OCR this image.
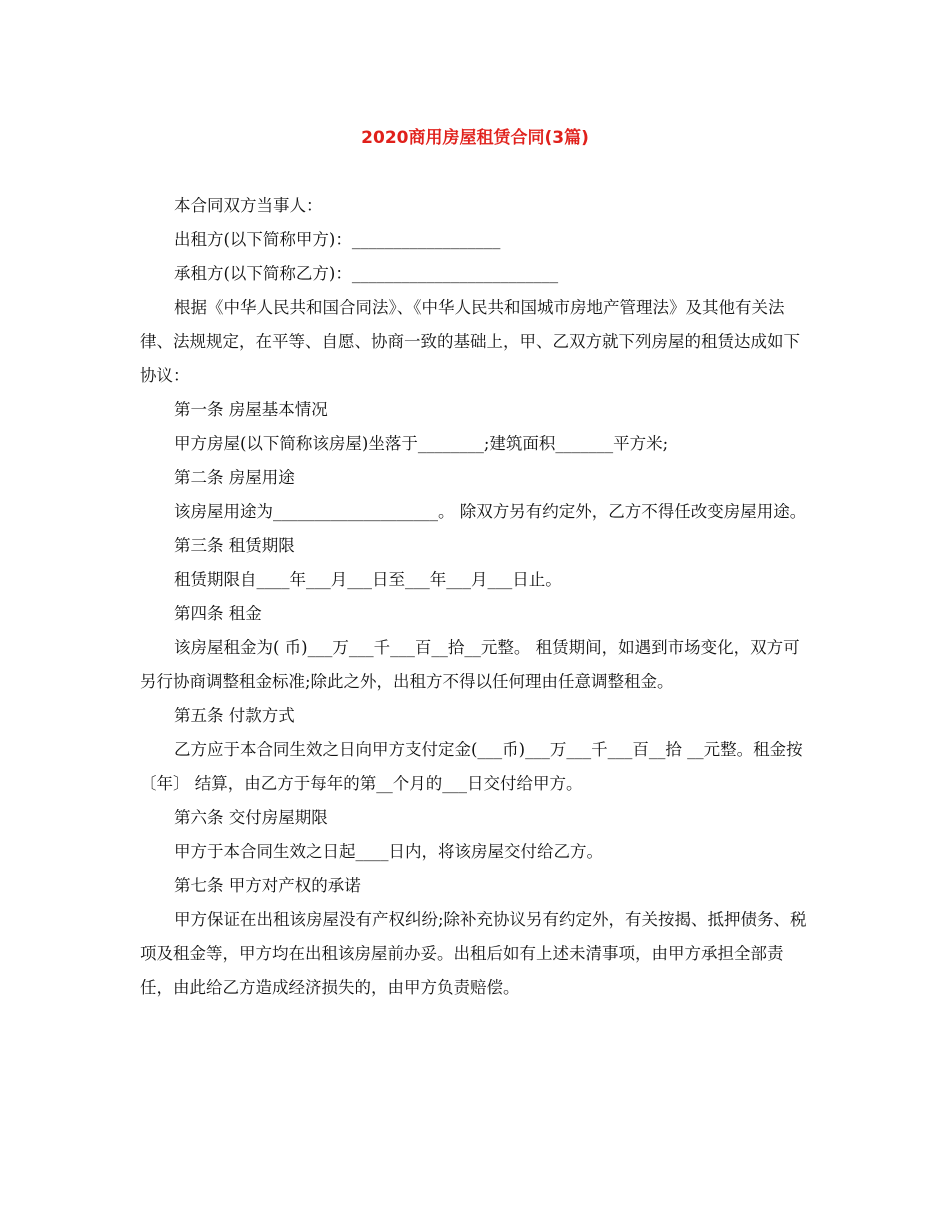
2020商用房屋租赁合同(3篇)

本合同双方当事人：

出租方(以下简称甲方)：__________________

承租方(以下简称乙方)：_________________________

根据《中华人民共和国合同法》、《中华人民共和国城市房地产管理法》及其他有关法律、法规规定，在平等、自愿、协商一致的基础上，甲、乙双方就下列房屋的租赁达成如下协议：

第一条 房屋基本情况

甲方房屋(以下简称该房屋)坐落于________;建筑面积_______平方米;

第二条 房屋用途

该房屋用途为____________________。 除双方另有约定外，乙方不得任改变房屋用途。

第三条 租赁期限

租赁期限自____年___月___日至___年___月___日止。

第四条 租金

该房屋租金为( 币)___万___千___百__拾__元整。 租赁期间，如遇到市场变化，双方可另行协商调整租金标准;除此之外，出租方不得以任何理由任意调整租金。

第五条 付款方式

乙方应于本合同生效之日向甲方支付定金(___币)___万___千___百__拾 __元整。租金按 〔年〕 结算，由乙方于每年的第__个月的___日交付给甲方。

第六条 交付房屋期限

甲方于本合同生效之日起____日内，将该房屋交付给乙方。

第七条 甲方对产权的承诺

甲方保证在出租该房屋没有产权纠纷;除补充协议另有约定外，有关按揭、抵押债务、税项及租金等，甲方均在出租该房屋前办妥。出租后如有上述未清事项，由甲方承担全部责任，由此给乙方造成经济损失的，由甲方负责赔偿。
